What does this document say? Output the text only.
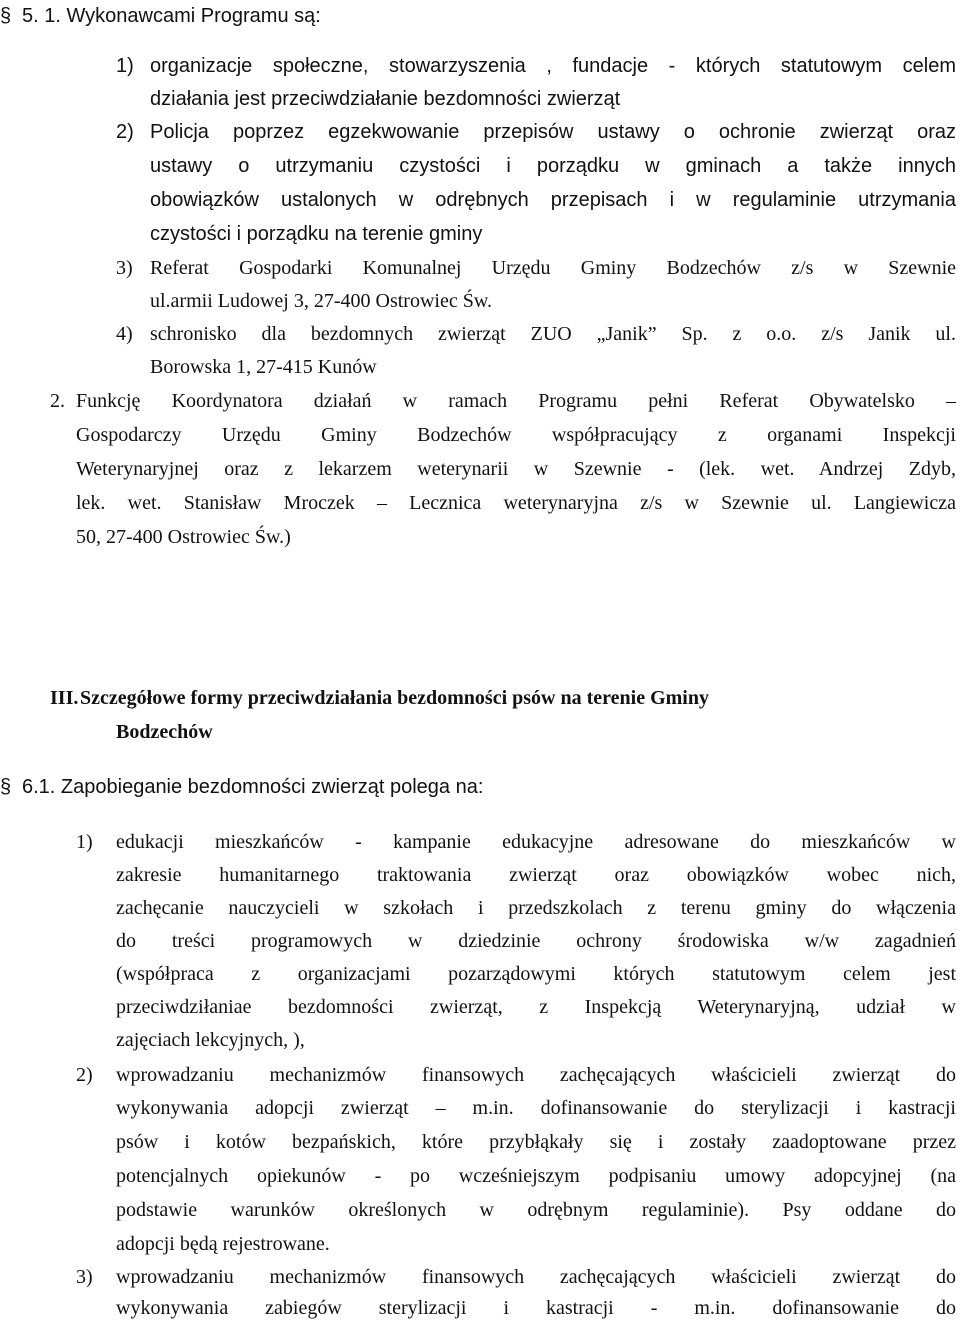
§ 5. 1. Wykonawcami Programu są:
1) organizacje społeczne, stowarzyszenia , fundacje - których statutowym celem
działania jest przeciwdziałanie bezdomności zwierząt
2) Policja poprzez egzekwowanie przepisów ustawy o ochronie zwierząt oraz
ustawy o utrzymaniu czystości i porządku w gminach a także innych
obowiązków ustalonych w odrębnych przepisach i w regulaminie utrzymania
czystości i porządku na terenie gminy
3) Referat Gospodarki Komunalnej Urzędu Gminy Bodzechów z/s w Szewnie
ul.armii Ludowej 3, 27-400 Ostrowiec Św.
4) schronisko dla bezdomnych zwierząt ZUO „Janik” Sp. z o.o. z/s Janik ul.
Borowska 1, 27-415 Kunów
2. Funkcję Koordynatora działań w ramach Programu pełni Referat Obywatelsko –
Gospodarczy Urzędu Gminy Bodzechów współpracujący z organami Inspekcji
Weterynaryjnej oraz z lekarzem weterynarii w Szewnie - (lek. wet. Andrzej Zdyb,
lek. wet. Stanisław Mroczek – Lecznica weterynaryjna z/s w Szewnie ul. Langiewicza
50, 27-400 Ostrowiec Św.)
III. Szczegółowe formy przeciwdziałania bezdomności psów na terenie Gminy
Bodzechów
§ 6.1. Zapobieganie bezdomności zwierząt polega na:
1) edukacji mieszkańców - kampanie edukacyjne adresowane do mieszkańców w
zakresie humanitarnego traktowania zwierząt oraz obowiązków wobec nich,
zachęcanie nauczycieli w szkołach i przedszkolach z terenu gminy do włączenia
do treści programowych w dziedzinie ochrony środowiska w/w zagadnień
(współpraca z organizacjami pozarządowymi których statutowym celem jest
przeciwdziłaniae bezdomności zwierząt, z Inspekcją Weterynaryjną, udział w
zajęciach lekcyjnych, ),
2) wprowadzaniu mechanizmów finansowych zachęcających właścicieli zwierząt do
wykonywania adopcji zwierząt – m.in. dofinansowanie do sterylizacji i kastracji
psów i kotów bezpańskich, które przybłąkały się i zostały zaadoptowane przez
potencjalnych opiekunów - po wcześniejszym podpisaniu umowy adopcyjnej (na
podstawie warunków określonych w odrębnym regulaminie). Psy oddane do
adopcji będą rejestrowane.
3) wprowadzaniu mechanizmów finansowych zachęcających właścicieli zwierząt do
wykonywania zabiegów sterylizacji i kastracji - m.in. dofinansowanie do
